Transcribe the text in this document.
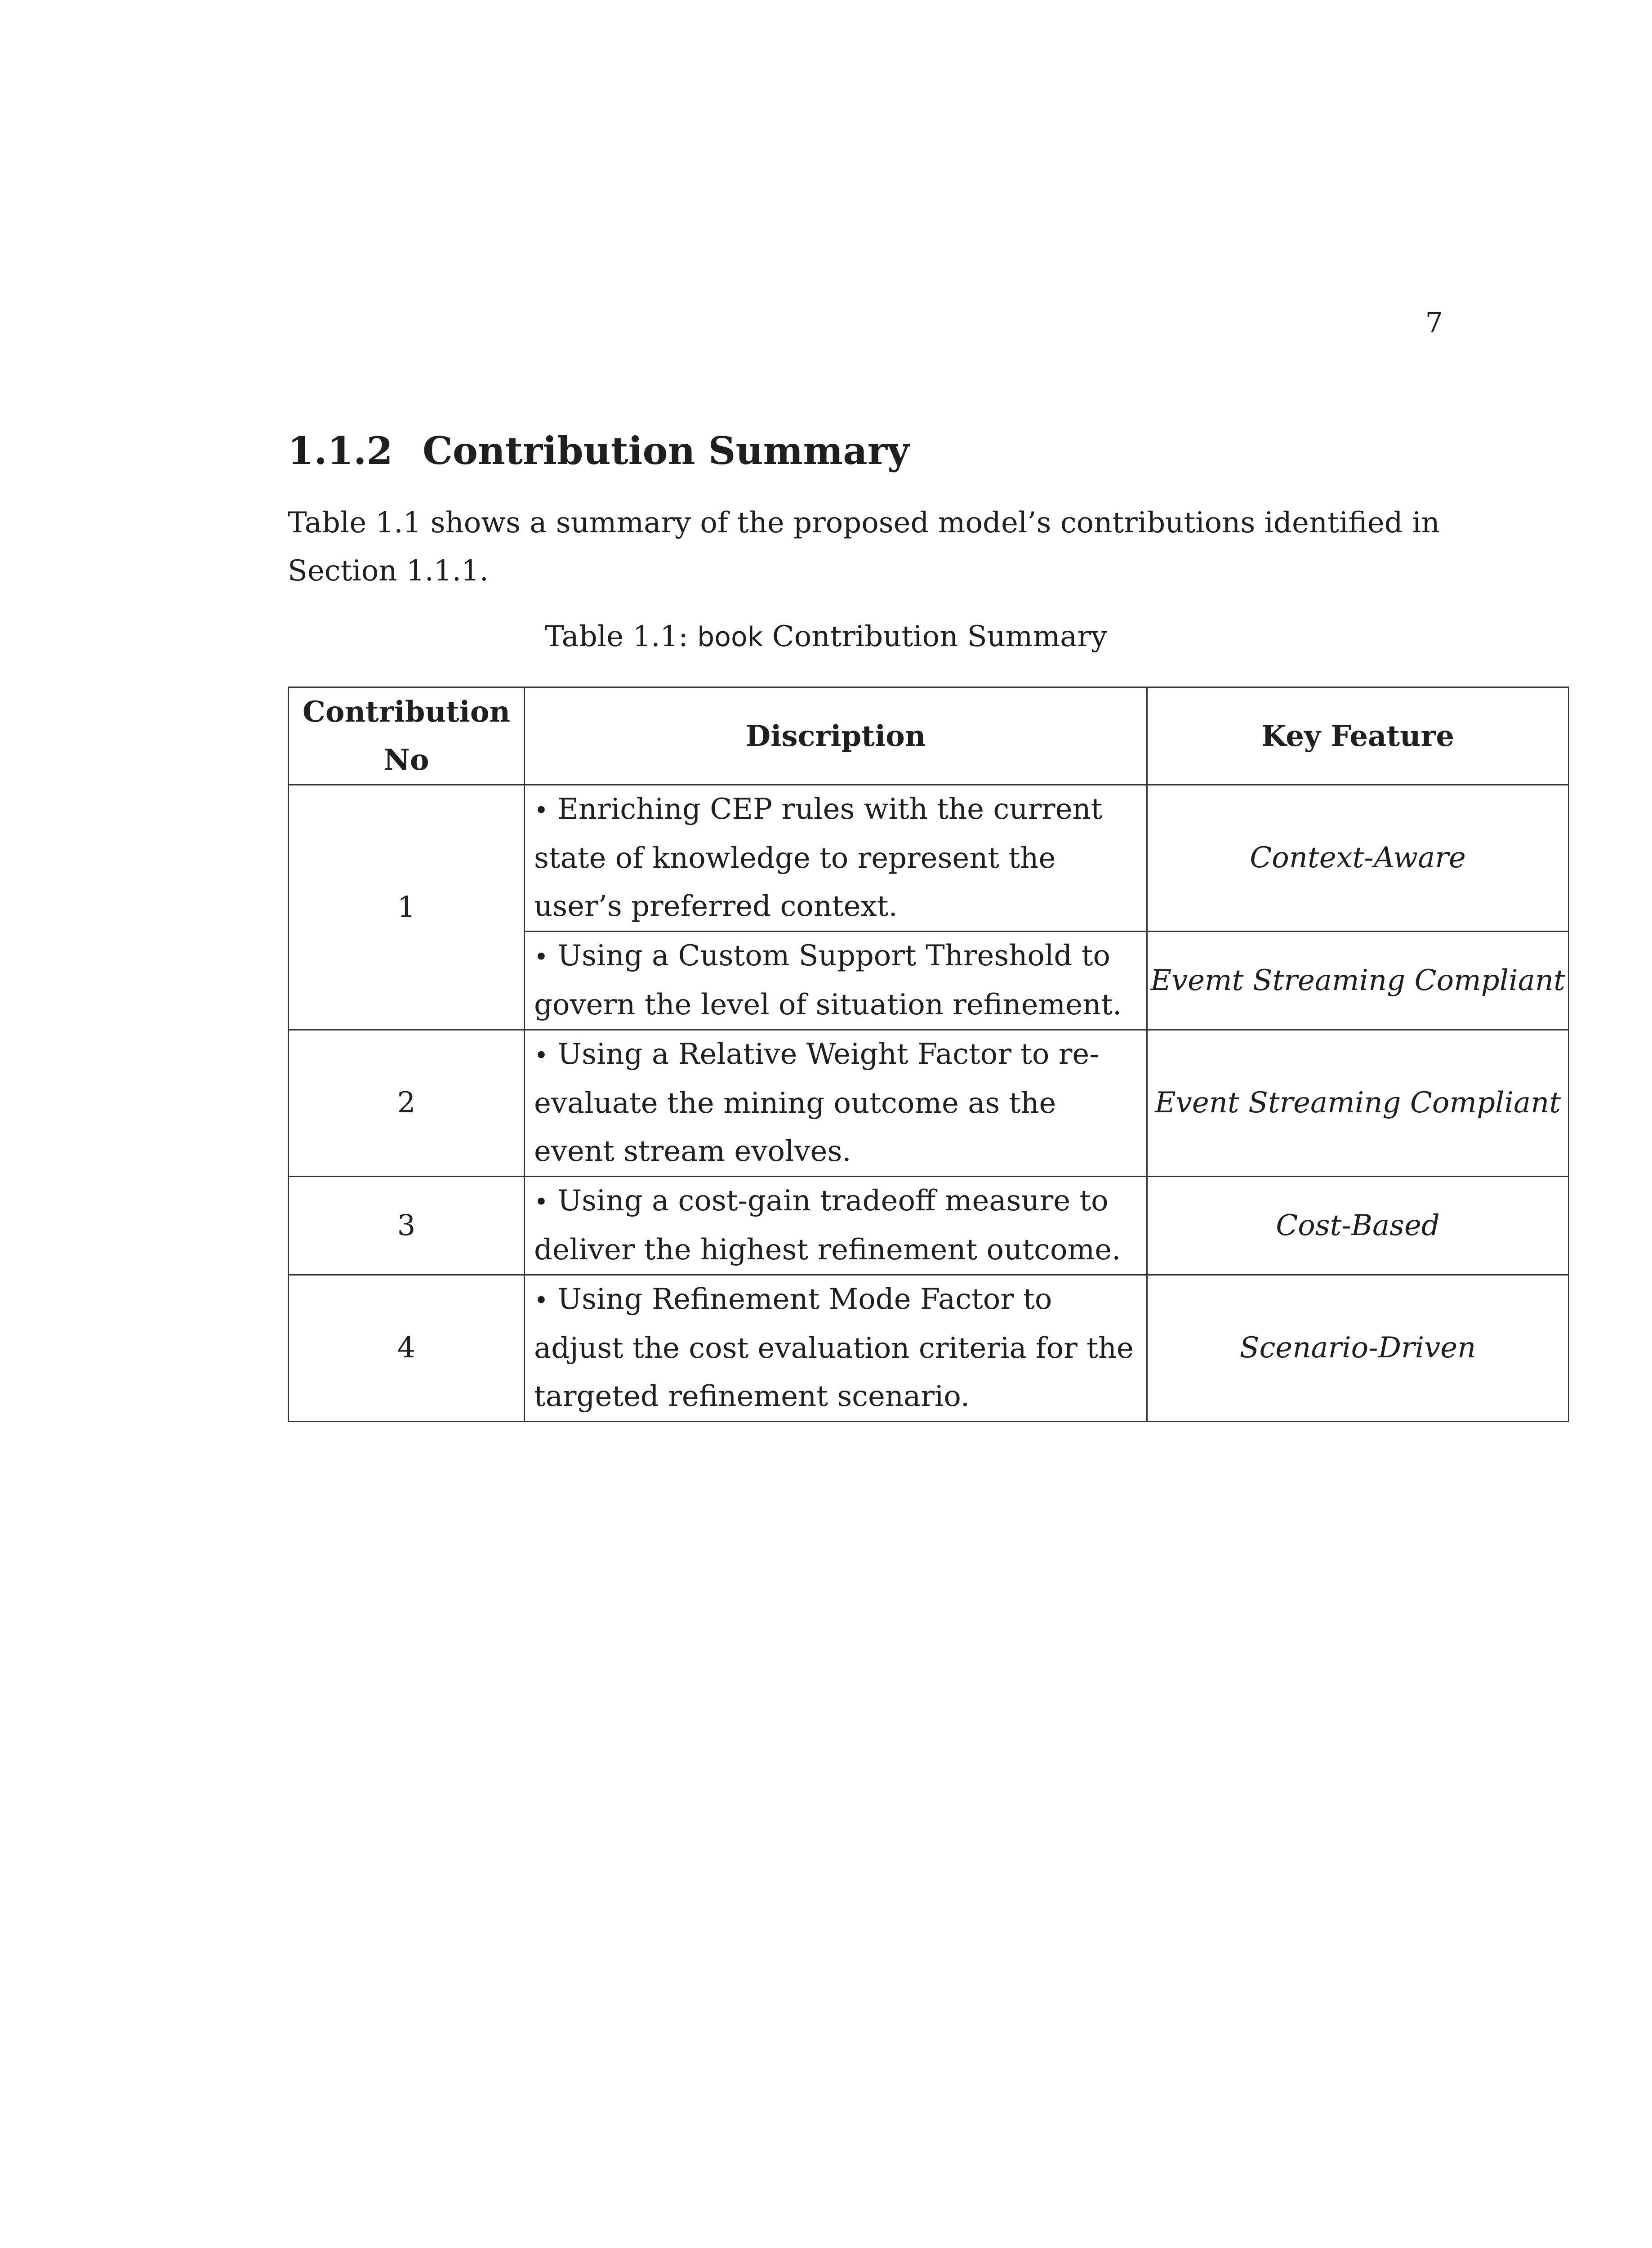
7
1.1.2 Contribution Summary
Table 1.1 shows a summary of the proposed model’s contributions identified in Section 1.1.1.
Table 1.1: book Contribution Summary
Contribution No	Discription	Key Feature
1	• Enriching CEP rules with the current state of knowledge to represent the user’s preferred context.	Context-Aware

	• Using a Custom Support Threshold to govern the level of situation refinement.	Evemt Streaming Compliant
2	• Using a Relative Weight Factor to re-evaluate the mining outcome as the event stream evolves.	Event Streaming Compliant
3	• Using a cost-gain tradeoff measure to deliver the highest refinement outcome.	Cost-Based
4	• Using Refinement Mode Factor to adjust the cost evaluation criteria for the targeted refinement scenario.	Scenario-Driven
